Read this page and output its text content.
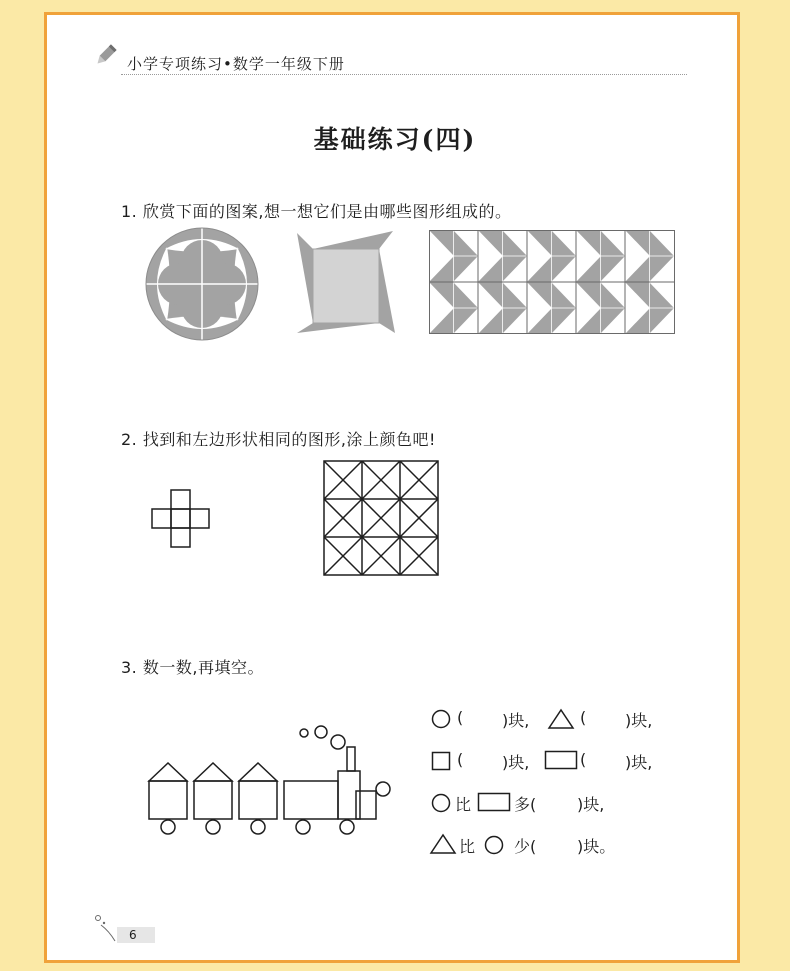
小学专项练习•数学一年级下册
基础练习(四)
1. 欣赏下面的图案,想一想它们是由哪些图形组成的。
2. 找到和左边形状相同的图形,涂上颜色吧!
3. 数一数,再填空。
( )块,	( )块,
( )块,	( )块,
比	多(	)块,
比 少(	)块。
6
